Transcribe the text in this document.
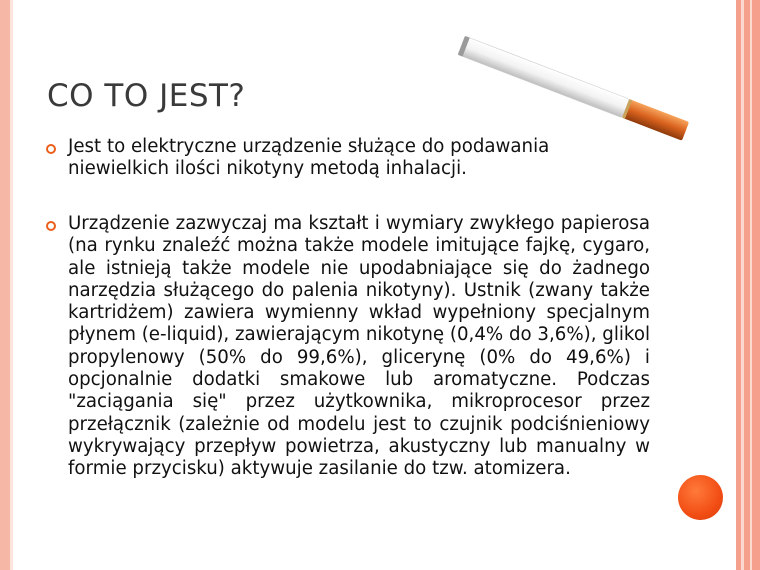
CO TO JEST?
Jest to elektryczne urządzenie służące do podawania niewielkich ilości nikotyny metodą inhalacji.
Urządzenie zazwyczaj ma kształt i wymiary zwykłego papierosa (na rynku znaleźć można także modele imitujące fajkę, cygaro, ale istnieją także modele nie upodabniające się do żadnego narzędzia służącego do palenia nikotyny). Ustnik (zwany także kartridżem) zawiera wymienny wkład wypełniony specjalnym płynem (e-liquid), zawierającym nikotynę (0,4% do 3,6%), glikol propylenowy (50% do 99,6%), glicerynę (0% do 49,6%) i opcjonalnie dodatki smakowe lub aromatyczne. Podczas "zaciągania się" przez użytkownika, mikroprocesor przez przełącznik (zależnie od modelu jest to czujnik podciśnieniowy wykrywający przepływ powietrza, akustyczny lub manualny w formie przycisku) aktywuje zasilanie do tzw. atomizera.
